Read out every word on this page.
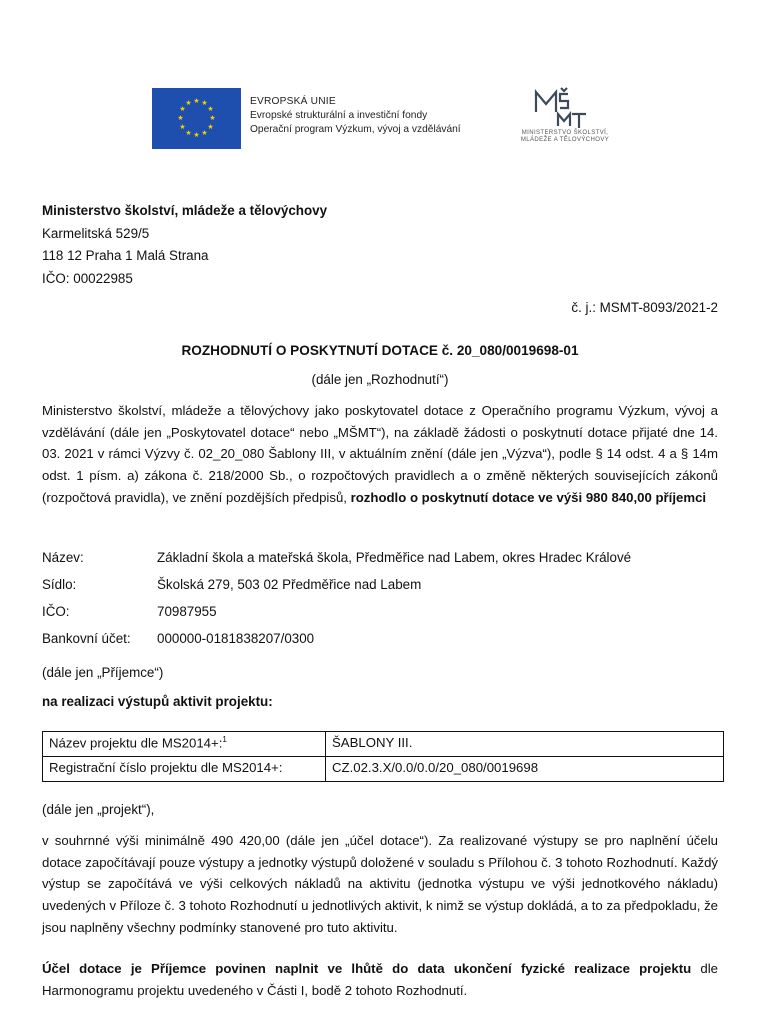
★ ★
★
★
★
★
★
★
★
★
★
★	EVROPSKÁ UNIE
Evropské strukturální a investiční fondy
Operační program Výzkum, vývoj a vzdělávání
MŠMT
MINISTERSTVO ŠKOLSTVÍ,
MLÁDEŽE A TĚLOVÝCHOVY
Ministerstvo školství, mládeže a tělovýchovy
Karmelitská 529/5
118 12 Praha 1 Malá Strana
IČO: 00022985
č. j.: MSMT-8093/2021-2
ROZHODNUTÍ O POSKYTNUTÍ DOTACE č. 20_080/0019698-01
(dále jen „Rozhodnutí“)
Ministerstvo školství, mládeže a tělovýchovy jako poskytovatel dotace z Operačního programu Výzkum, vývoj a vzdělávání (dále jen „Poskytovatel dotace“ nebo „MŠMT“), na základě žádosti o poskytnutí dotace přijaté dne 14. 03. 2021 v rámci Výzvy č. 02_20_080 Šablony III, v aktuálním znění (dále jen „Výzva“), podle § 14 odst. 4 a § 14m odst. 1 písm. a) zákona č. 218/2000 Sb., o rozpočtových pravidlech a o změně některých souvisejících zákonů (rozpočtová pravidla), ve znění pozdějších předpisů, rozhodlo o poskytnutí dotace ve výši 980 840,00 příjemci
Název:	Základní škola a mateřská škola, Předměřice nad Labem, okres Hradec Králové
Sídlo:	Školská 279, 503 02 Předměřice nad Labem
IČO:	70987955
Bankovní účet:	000000-0181838207/0300
(dále jen „Příjemce“)
na realizaci výstupů aktivit projektu:
Název projektu dle MS2014+:$^1$	ŠABLONY III.
Registrační číslo projektu dle MS2014+:	CZ.02.3.X/0.0/0.0/20_080/0019698
(dále jen „projekt“),
v souhrnné výši minimálně 490 420,00 (dále jen „účel dotace“). Za realizované výstupy se pro naplnění účelu dotace započítávají pouze výstupy a jednotky výstupů doložené v souladu s Přílohou č. 3 tohoto Rozhodnutí. Každý výstup se započítává ve výši celkových nákladů na aktivitu (jednotka výstupu ve výši jednotkového nákladu) uvedených v Příloze č. 3 tohoto Rozhodnutí u jednotlivých aktivit, k nimž se výstup dokládá, a to za předpokladu, že jsou naplněny všechny podmínky stanovené pro tuto aktivitu.
Účel dotace je Příjemce povinen naplnit ve lhůtě do data ukončení fyzické realizace projektu dle Harmonogramu projektu uvedeného v Části I, bodě 2 tohoto Rozhodnutí.
